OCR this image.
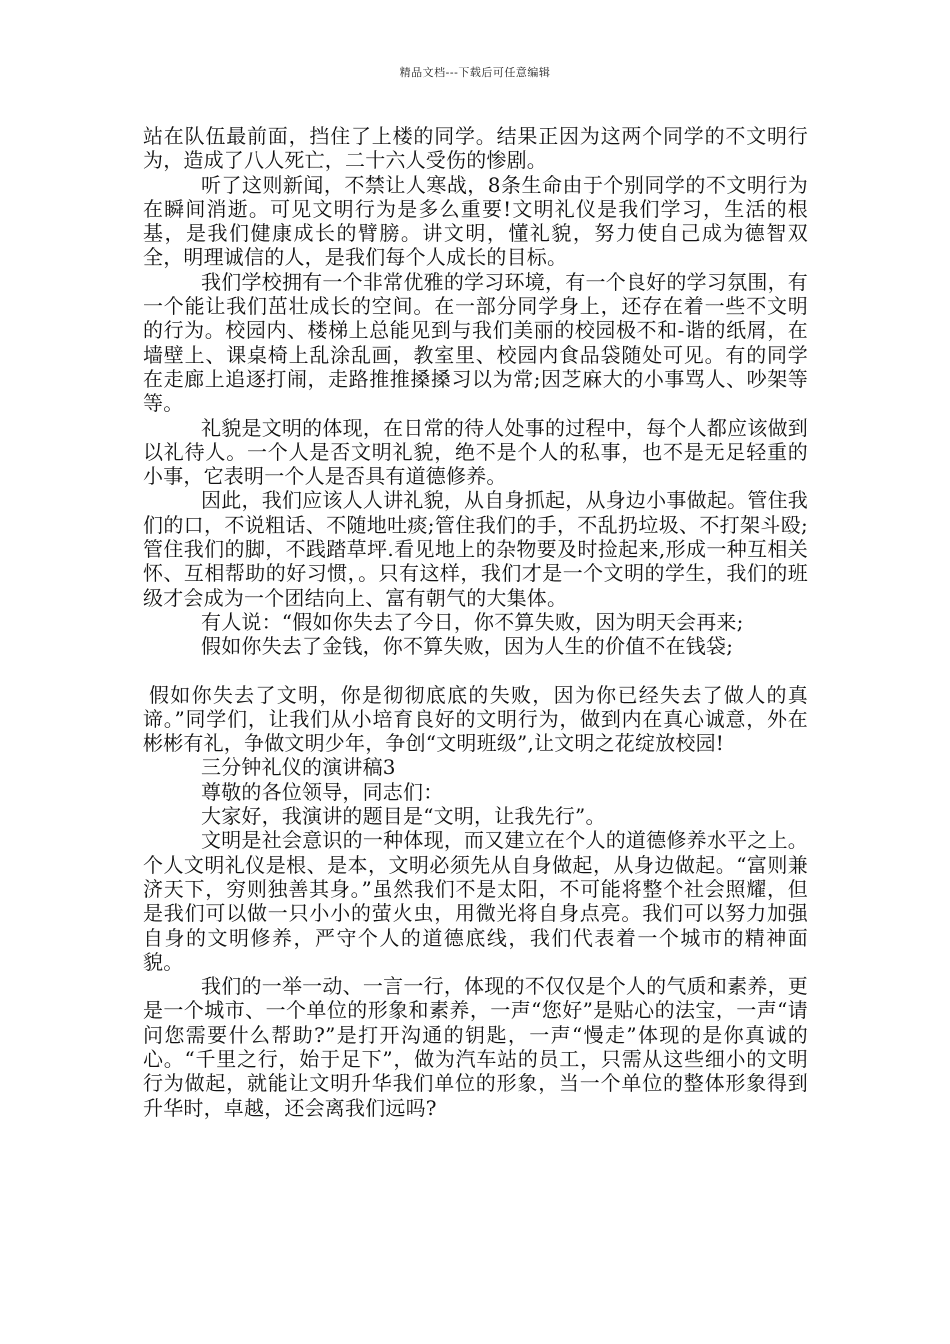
精品文档---下载后可任意编辑

站在队伍最前面，挡住了上楼的同学。结果正因为这两个同学的不文明行为，造成了八人死亡，二十六人受伤的惨剧。

听了这则新闻，不禁让人寒战，8条生命由于个别同学的不文明行为在瞬间消逝。可见文明行为是多么重要!文明礼仪是我们学习，生活的根基，是我们健康成长的臂膀。讲文明，懂礼貌，努力使自己成为德智双全，明理诚信的人，是我们每个人成长的目标。

我们学校拥有一个非常优雅的学习环境，有一个良好的学习氛围，有一个能让我们茁壮成长的空间。在一部分同学身上，还存在着一些不文明的行为。校园内、楼梯上总能见到与我们美丽的校园极不和-谐的纸屑，在墙壁上、课桌椅上乱涂乱画，教室里、校园内食品袋随处可见。有的同学在走廊上追逐打闹，走路推推搡搡习以为常;因芝麻大的小事骂人、吵架等等。

礼貌是文明的体现，在日常的待人处事的过程中，每个人都应该做到以礼待人。一个人是否文明礼貌，绝不是个人的私事，也不是无足轻重的小事，它表明一个人是否具有道德修养。

因此，我们应该人人讲礼貌，从自身抓起，从身边小事做起。管住我们的口，不说粗话、不随地吐痰;管住我们的手，不乱扔垃圾、不打架斗殴;管住我们的脚，不践踏草坪.看见地上的杂物要及时捡起来,形成一种互相关怀、互相帮助的好习惯，。只有这样，我们才是一个文明的学生，我们的班级才会成为一个团结向上、富有朝气的大集体。

有人说：“假如你失去了今日，你不算失败，因为明天会再来;

假如你失去了金钱，你不算失败，因为人生的价值不在钱袋;

假如你失去了文明，你是彻彻底底的失败，因为你已经失去了做人的真谛。”同学们，让我们从小培育良好的文明行为，做到内在真心诚意，外在彬彬有礼，争做文明少年，争创“文明班级”,让文明之花绽放校园!

三分钟礼仪的演讲稿3

尊敬的各位领导，同志们：

大家好，我演讲的题目是“文明，让我先行”。

文明是社会意识的一种体现，而又建立在个人的道德修养水平之上。个人文明礼仪是根、是本，文明必须先从自身做起，从身边做起。“富则兼济天下，穷则独善其身。”虽然我们不是太阳，不可能将整个社会照耀，但是我们可以做一只小小的萤火虫，用微光将自身点亮。我们可以努力加强自身的文明修养，严守个人的道德底线，我们代表着一个城市的精神面貌。

我们的一举一动、一言一行，体现的不仅仅是个人的气质和素养，更是一个城市、一个单位的形象和素养，一声“您好”是贴心的法宝，一声“请问您需要什么帮助?”是打开沟通的钥匙，一声“慢走”体现的是你真诚的心。“千里之行，始于足下”，做为汽车站的员工，只需从这些细小的文明行为做起，就能让文明升华我们单位的形象，当一个单位的整体形象得到升华时，卓越，还会离我们远吗?
